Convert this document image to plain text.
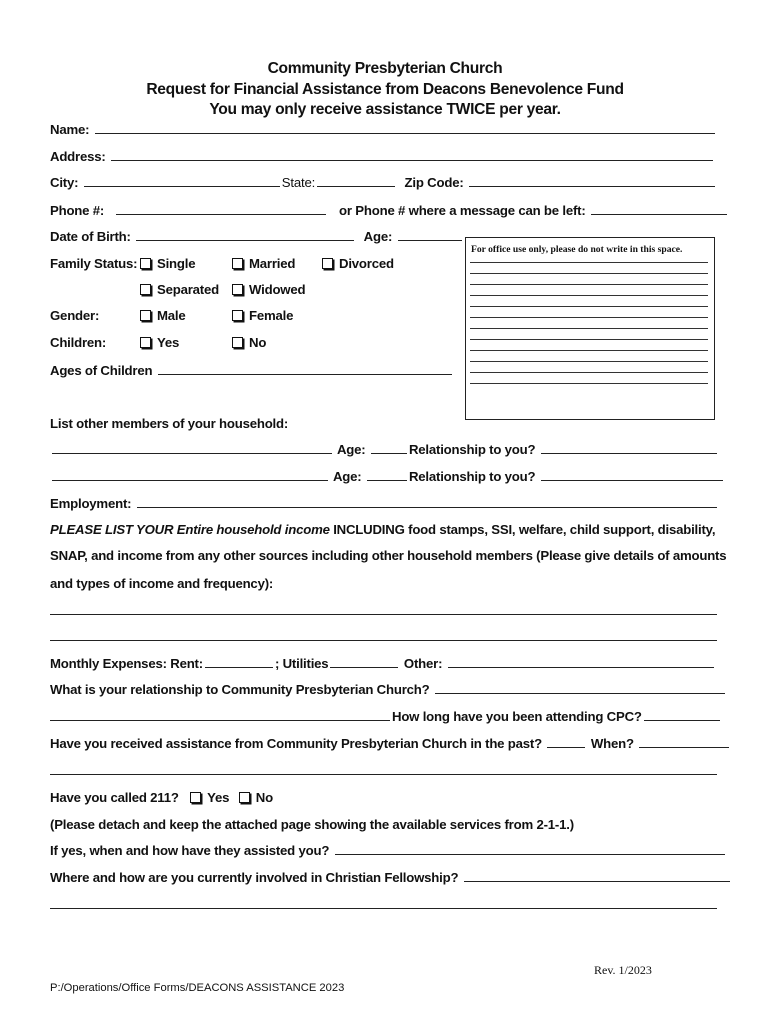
Community Presbyterian Church
Request for Financial Assistance from Deacons Benevolence Fund
You may only receive assistance TWICE per year.
Name:
Address:
City:	State:	Zip Code:
Phone #:	or Phone # where a message can be left:
Date of Birth:	Age:
Family Status:	Single	Married	Divorced
Separated	Widowed
Gender:	Male	Female
Children:	Yes	No
Ages of Children
For office use only, please do not write in this space.
List other members of your household:
Age:	Relationship to you?
Age:	Relationship to you?
Employment:
PLEASE LIST YOUR Entire household income INCLUDING food stamps, SSI, welfare, child support, disability,
SNAP, and income from any other sources including other household members (Please give details of amounts
and types of income and frequency):
Monthly Expenses: Rent:	; Utilities	Other:
What is your relationship to Community Presbyterian Church?
How long have you been attending CPC?
Have you received assistance from Community Presbyterian Church in the past?	When?
Have you called 211? Yes No
(Please detach and keep the attached page showing the available services from 2-1-1.)
If yes, when and how have they assisted you?
Where and how are you currently involved in Christian Fellowship?
Rev. 1/2023
P:/Operations/Office Forms/DEACONS ASSISTANCE 2023
